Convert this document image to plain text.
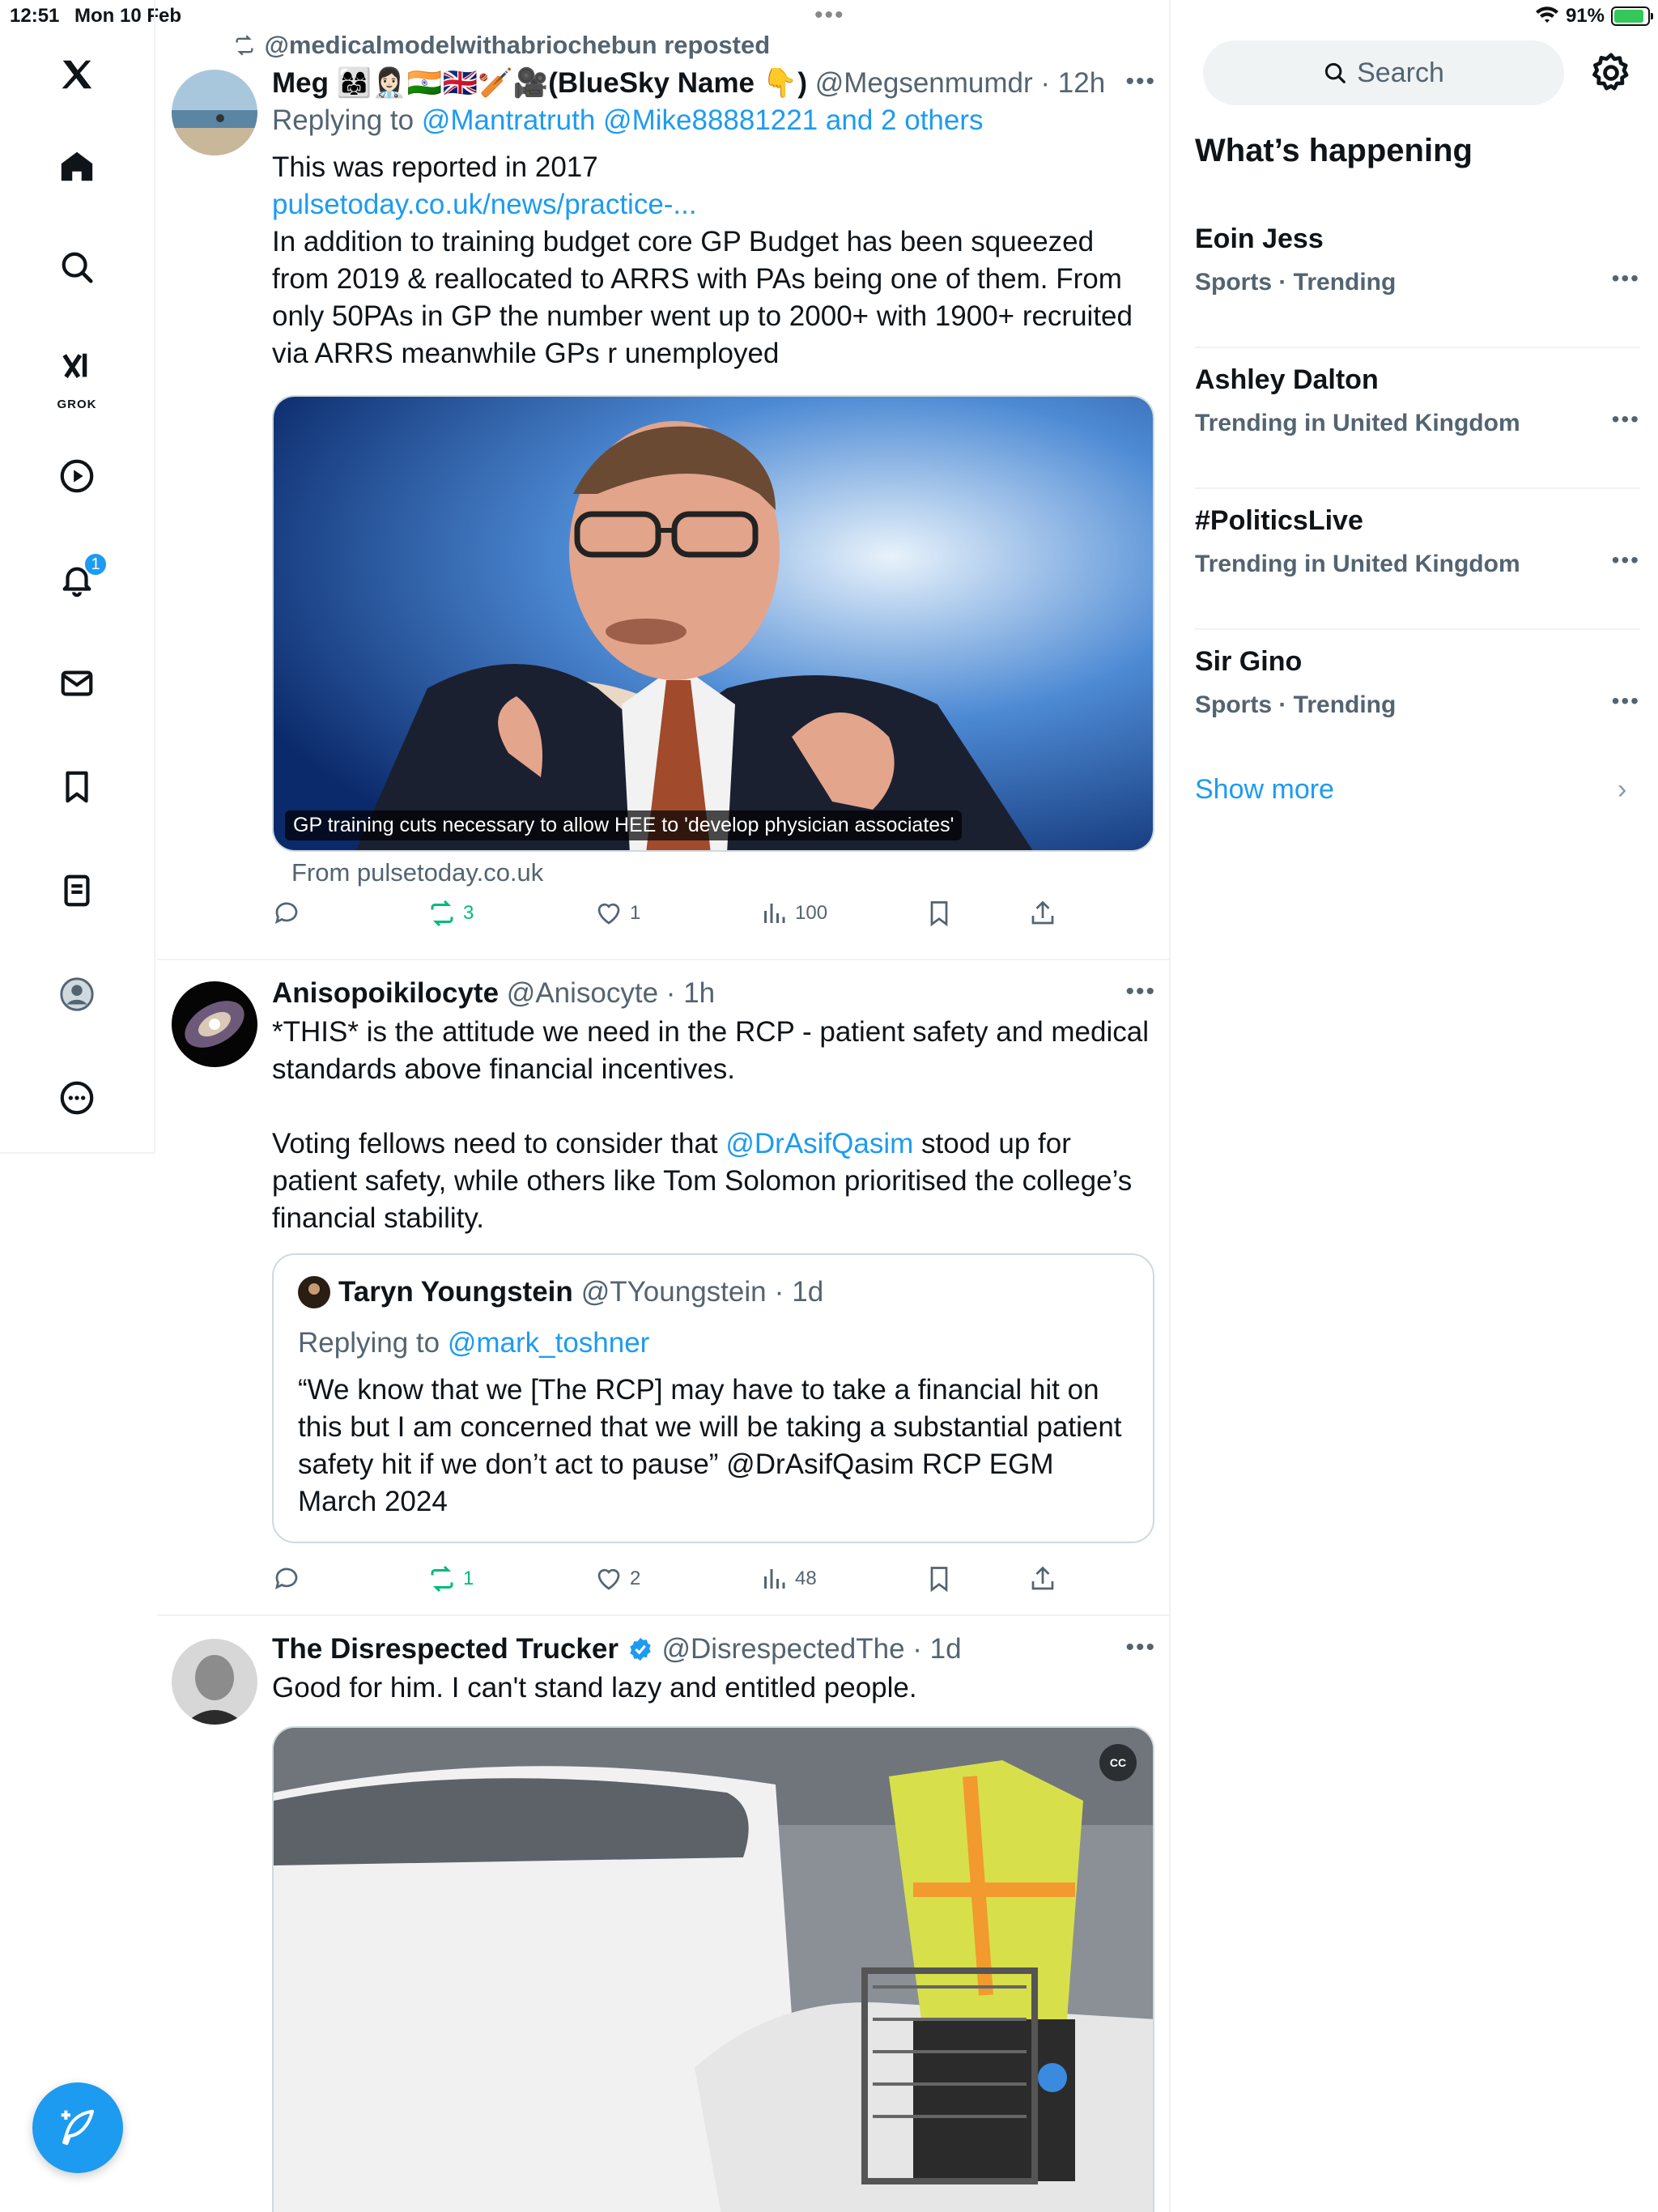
12:51 Mon 10 Feb	•••	91%
GROK
1
@medicalmodelwithabriochebun reposted
Meg 👩‍👩‍👧👩🏻‍⚕️🇮🇳🇬🇧🏏🎥(BlueSky Name 👇) @Megsenmumdr · 12h
Replying to @Mantratruth @Mike88881221 and 2 others
This was reported in 2017
pulsetoday.co.uk/news/practice-...
In addition to training budget core GP Budget has been squeezed from 2019 & reallocated to ARRS with PAs being one of them. From only 50PAs in GP the number went up to 2000+ with 1900+ recruited via ARRS meanwhile GPs r unemployed
•••
GP training cuts necessary to allow HEE to 'develop physician associates'
From pulsetoday.co.uk
3	1	100
Anisopoikilocyte @Anisocyte · 1h
*THIS* is the attitude we need in the RCP - patient safety and medical standards above financial incentives.
Voting fellows need to consider that @DrAsifQasim stood up for patient safety, while others like Tom Solomon prioritised the college’s financial stability.
•••
Taryn Youngstein @TYoungstein · 1d
Replying to @mark_toshner
“We know that we [The RCP] may have to take a financial hit on this but I am concerned that we will be taking a substantial patient safety hit if we don’t act to pause” @DrAsifQasim RCP EGM March 2024
1	2	48
The Disrespected Trucker @DisrespectedThe · 1d
Good for him. I can't stand lazy and entitled people.
•••
CC
Search
What’s happening
Eoin Jess
Sports · Trending	•••
Ashley Dalton
Trending in United Kingdom	•••
#PoliticsLive
Trending in United Kingdom	•••
Sir Gino
Sports · Trending	•••
Show more	›
